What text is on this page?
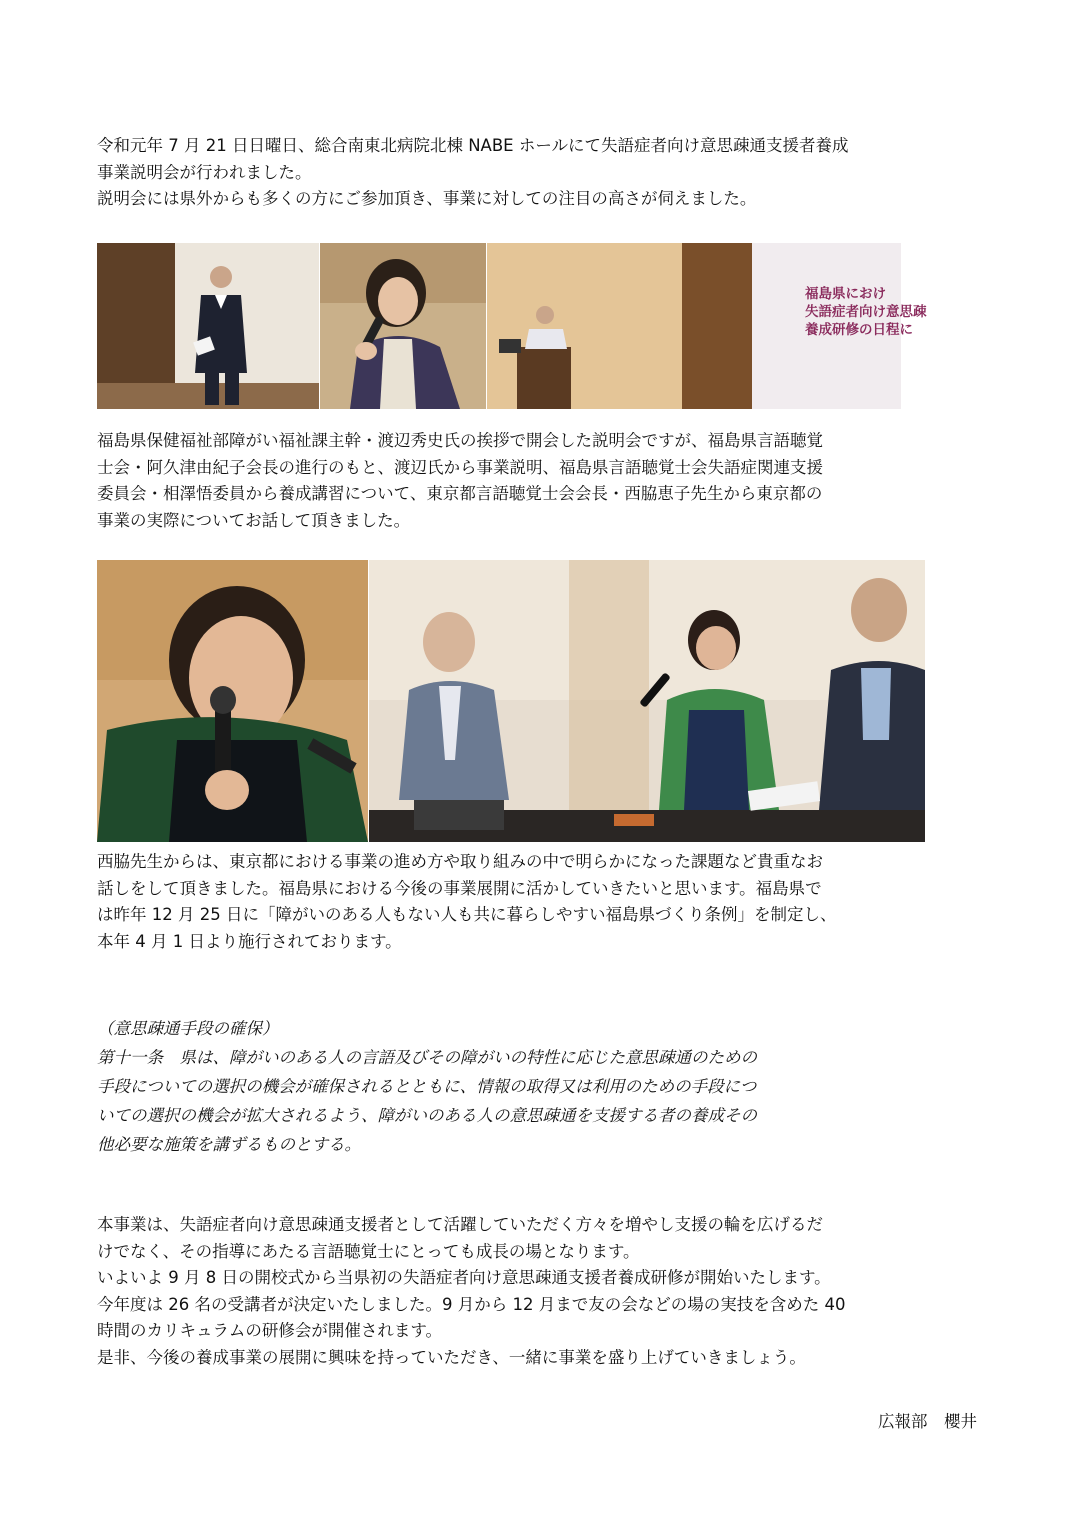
令和元年 7 月 21 日日曜日、総合南東北病院北棟 NABE ホールにて失語症者向け意思疎通支援者養成
事業説明会が行われました。
説明会には県外からも多くの方にご参加頂き、事業に対しての注目の高さが伺えました。
福島県におけ
失語症者向け意思疎
養成研修の日程に
福島県保健福祉部障がい福祉課主幹・渡辺秀史氏の挨拶で開会した説明会ですが、福島県言語聴覚
士会・阿久津由紀子会長の進行のもと、渡辺氏から事業説明、福島県言語聴覚士会失語症関連支援
委員会・相澤悟委員から養成講習について、東京都言語聴覚士会会長・西脇恵子先生から東京都の
事業の実際についてお話して頂きました。
西脇先生からは、東京都における事業の進め方や取り組みの中で明らかになった課題など貴重なお
話しをして頂きました。福島県における今後の事業展開に活かしていきたいと思います。福島県で
は昨年 12 月 25 日に「障がいのある人もない人も共に暮らしやすい福島県づくり条例」を制定し、
本年 4 月 1 日より施行されております。
（意思疎通手段の確保）
第十一条　県は、障がいのある人の言語及びその障がいの特性に応じた意思疎通のための
手段についての選択の機会が確保されるとともに、情報の取得又は利用のための手段につ
いての選択の機会が拡大されるよう、障がいのある人の意思疎通を支援する者の養成その
他必要な施策を講ずるものとする。
本事業は、失語症者向け意思疎通支援者として活躍していただく方々を増やし支援の輪を広げるだ
けでなく、その指導にあたる言語聴覚士にとっても成長の場となります。
いよいよ 9 月 8 日の開校式から当県初の失語症者向け意思疎通支援者養成研修が開始いたします。
今年度は 26 名の受講者が決定いたしました。9 月から 12 月まで友の会などの場の実技を含めた 40
時間のカリキュラムの研修会が開催されます。
是非、今後の養成事業の展開に興味を持っていただき、一緒に事業を盛り上げていきましょう。
広報部　櫻井
